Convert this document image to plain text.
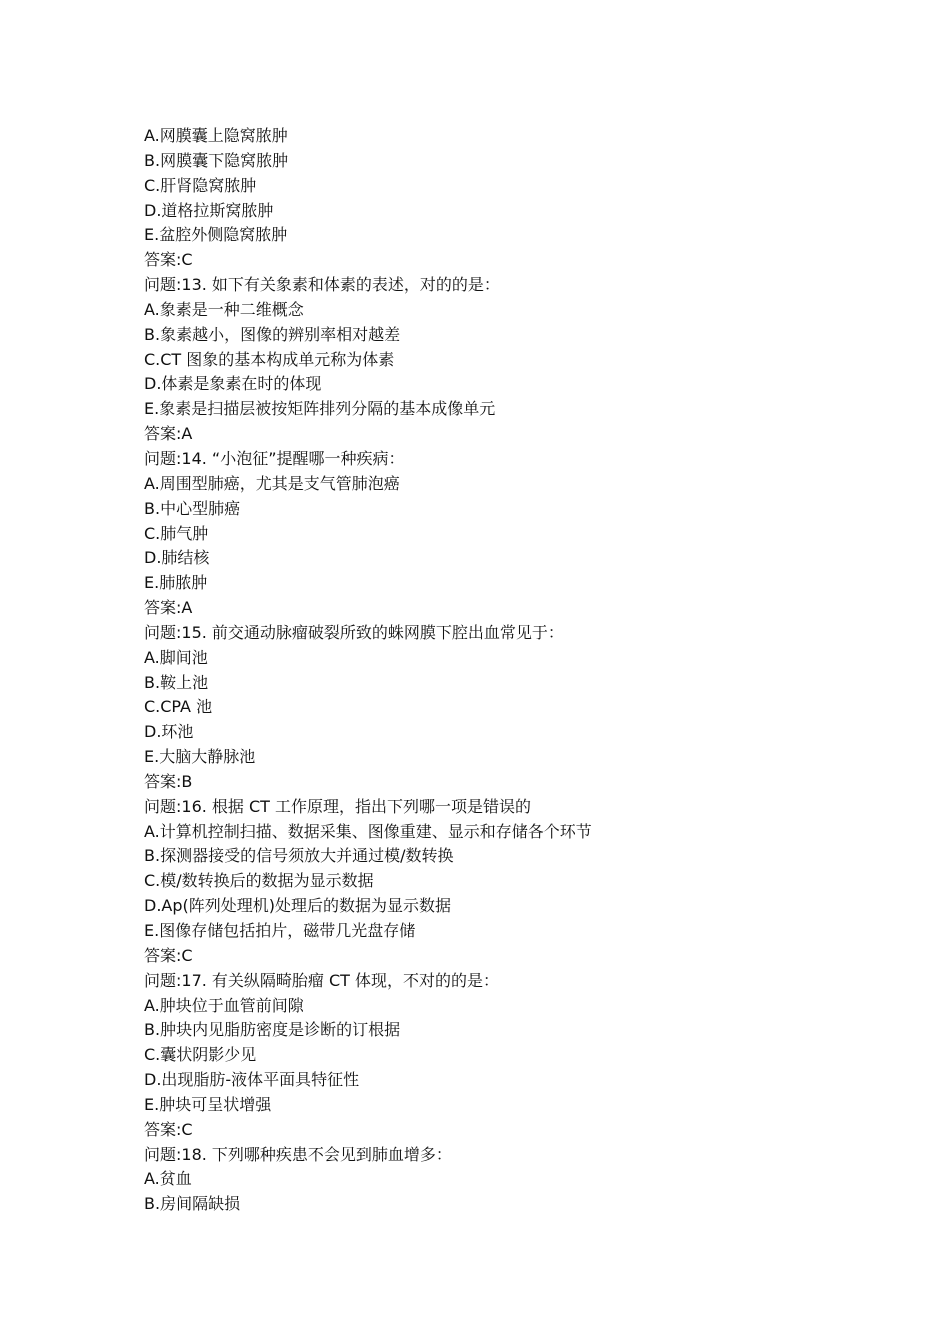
A.网膜囊上隐窝脓肿
B.网膜囊下隐窝脓肿
C.肝肾隐窝脓肿
D.道格拉斯窝脓肿
E.盆腔外侧隐窝脓肿
答案:C
问题:13. 如下有关象素和体素的表述，对的的是：
A.象素是一种二维概念
B.象素越小，图像的辨别率相对越差
C.CT 图象的基本构成单元称为体素
D.体素是象素在时的体现
E.象素是扫描层被按矩阵排列分隔的基本成像单元
答案:A
问题:14. “小泡征”提醒哪一种疾病：
A.周围型肺癌，尤其是支气管肺泡癌
B.中心型肺癌
C.肺气肿
D.肺结核
E.肺脓肿
答案:A
问题:15. 前交通动脉瘤破裂所致的蛛网膜下腔出血常见于：
A.脚间池
B.鞍上池
C.CPA 池
D.环池
E.大脑大静脉池
答案:B
问题:16. 根据 CT 工作原理，指出下列哪一项是错误的
A.计算机控制扫描、数据采集、图像重建、显示和存储各个环节
B.探测器接受的信号须放大并通过模/数转换
C.模/数转换后的数据为显示数据
D.Ap(阵列处理机)处理后的数据为显示数据
E.图像存储包括拍片，磁带几光盘存储
答案:C
问题:17. 有关纵隔畸胎瘤 CT 体现，不对的的是：
A.肿块位于血管前间隙
B.肿块内见脂肪密度是诊断的订根据
C.囊状阴影少见
D.出现脂肪-液体平面具特征性
E.肿块可呈状增强
答案:C
问题:18. 下列哪种疾患不会见到肺血增多：
A.贫血
B.房间隔缺损
